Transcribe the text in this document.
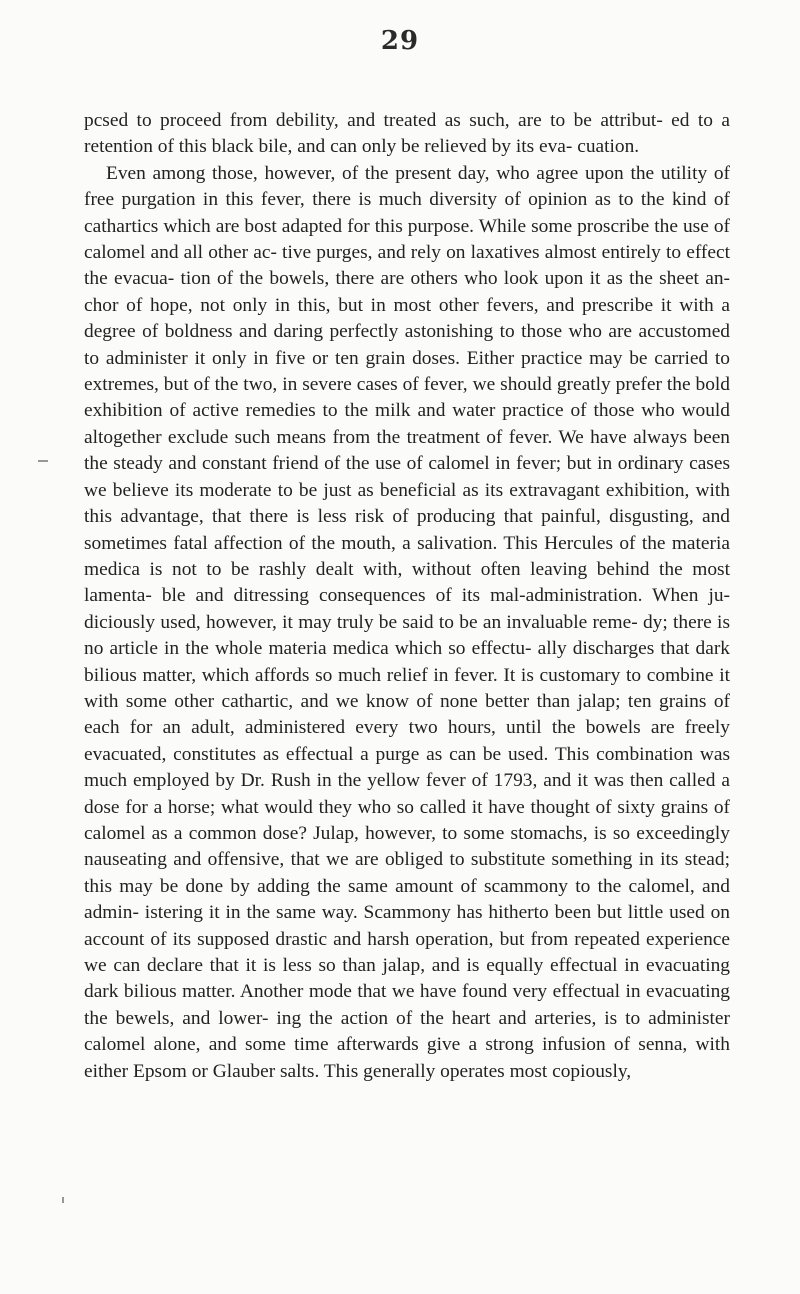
29

pcsed to proceed from debility, and treated as such, are to be attribut- ed to a retention of this black bile, and can only be relieved by its eva- cuation.

Even among those, however, of the present day, who agree upon the utility of free purgation in this fever, there is much diversity of opinion as to the kind of cathartics which are bost adapted for this purpose. While some proscribe the use of calomel and all other ac- tive purges, and rely on laxatives almost entirely to effect the evacua- tion of the bowels, there are others who look upon it as the sheet an- chor of hope, not only in this, but in most other fevers, and prescribe it with a degree of boldness and daring perfectly astonishing to those who are accustomed to administer it only in five or ten grain doses. Either practice may be carried to extremes, but of the two, in severe cases of fever, we should greatly prefer the bold exhibition of active remedies to the milk and water practice of those who would altogether exclude such means from the treatment of fever. We have always been the steady and constant friend of the use of calomel in fever; but in ordinary cases we believe its moderate to be just as beneficial as its extravagant exhibition, with this advantage, that there is less risk of producing that painful, disgusting, and sometimes fatal affection of the mouth, a salivation. This Hercules of the materia medica is not to be rashly dealt with, without often leaving behind the most lamenta- ble and ditressing consequences of its mal-administration. When ju- diciously used, however, it may truly be said to be an invaluable reme- dy; there is no article in the whole materia medica which so effectu- ally discharges that dark bilious matter, which affords so much relief in fever. It is customary to combine it with some other cathartic, and we know of none better than jalap; ten grains of each for an adult, administered every two hours, until the bowels are freely evacuated, constitutes as effectual a purge as can be used. This combination was much employed by Dr. Rush in the yellow fever of 1793, and it was then called a dose for a horse; what would they who so called it have thought of sixty grains of calomel as a common dose? Julap, however, to some stomachs, is so exceedingly nauseating and offensive, that we are obliged to substitute something in its stead; this may be done by adding the same amount of scammony to the calomel, and admin- istering it in the same way. Scammony has hitherto been but little used on account of its supposed drastic and harsh operation, but from repeated experience we can declare that it is less so than jalap, and is equally effectual in evacuating dark bilious matter. Another mode that we have found very effectual in evacuating the bewels, and lower- ing the action of the heart and arteries, is to administer calomel alone, and some time afterwards give a strong infusion of senna, with either Epsom or Glauber salts. This generally operates most copiously,
